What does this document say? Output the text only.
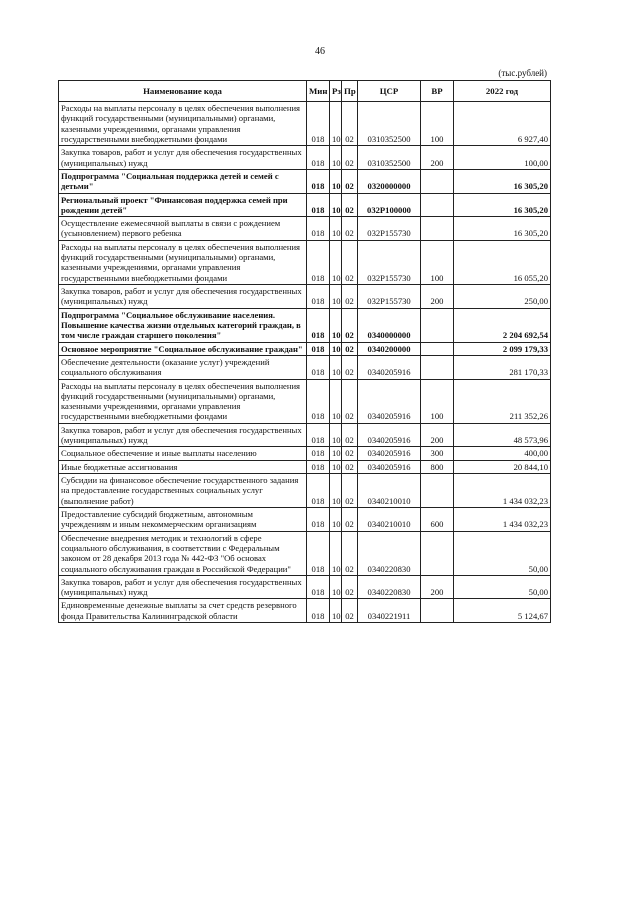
46
(тыс.рублей)
Наименование кода	Мин	Рз	Пр	ЦСР	ВР	2022 год
Расходы на выплаты персоналу в целях обеспечения выполнения функций государственными (муниципальными) органами, казенными учреждениями, органами управления государственными внебюджетными фондами	018	10	02	0310352500	100	6 927,40
Закупка товаров, работ и услуг для обеспечения государственных (муниципальных) нужд	018	10	02	0310352500	200	100,00
Подпрограмма "Социальная поддержка детей и семей с детьми"	018	10	02	0320000000		16 305,20
Региональный проект "Финансовая поддержка семей при рождении детей"	018	10	02	032P100000		16 305,20
Осуществление ежемесячной выплаты в связи с рождением (усыновлением) первого ребенка	018	10	02	032P155730		16 305,20
Расходы на выплаты персоналу в целях обеспечения выполнения функций государственными (муниципальными) органами, казенными учреждениями, органами управления государственными внебюджетными фондами	018	10	02	032P155730	100	16 055,20
Закупка товаров, работ и услуг для обеспечения государственных (муниципальных) нужд	018	10	02	032P155730	200	250,00
Подпрограмма "Социальное обслуживание населения. Повышение качества жизни отдельных категорий граждан, в том числе граждан старшего поколения"	018	10	02	0340000000		2 204 692,54
Основное мероприятие "Социальное обслуживание граждан"	018	10	02	0340200000		2 099 179,33
Обеспечение деятельности (оказание услуг) учреждений социального обслуживания	018	10	02	0340205916		281 170,33
Расходы на выплаты персоналу в целях обеспечения выполнения функций государственными (муниципальными) органами, казенными учреждениями, органами управления государственными внебюджетными фондами	018	10	02	0340205916	100	211 352,26
Закупка товаров, работ и услуг для обеспечения государственных (муниципальных) нужд	018	10	02	0340205916	200	48 573,96
Социальное обеспечение и иные выплаты населению	018	10	02	0340205916	300	400,00
Иные бюджетные ассигнования	018	10	02	0340205916	800	20 844,10
Субсидии на финансовое обеспечение государственного задания на предоставление государственных социальных услуг (выполнение работ)	018	10	02	0340210010		1 434 032,23
Предоставление субсидий бюджетным, автономным учреждениям и иным некоммерческим организациям	018	10	02	0340210010	600	1 434 032,23
Обеспечение внедрения методик и технологий в сфере социального обслуживания, в соответствии с Федеральным законом от 28 декабря 2013 года № 442-ФЗ "Об основах социального обслуживания граждан в Российской Федерации"	018	10	02	0340220830		50,00
Закупка товаров, работ и услуг для обеспечения государственных (муниципальных) нужд	018	10	02	0340220830	200	50,00
Единовременные денежные выплаты за счет средств резервного фонда Правительства Калининградской области	018	10	02	0340221911		5 124,67
